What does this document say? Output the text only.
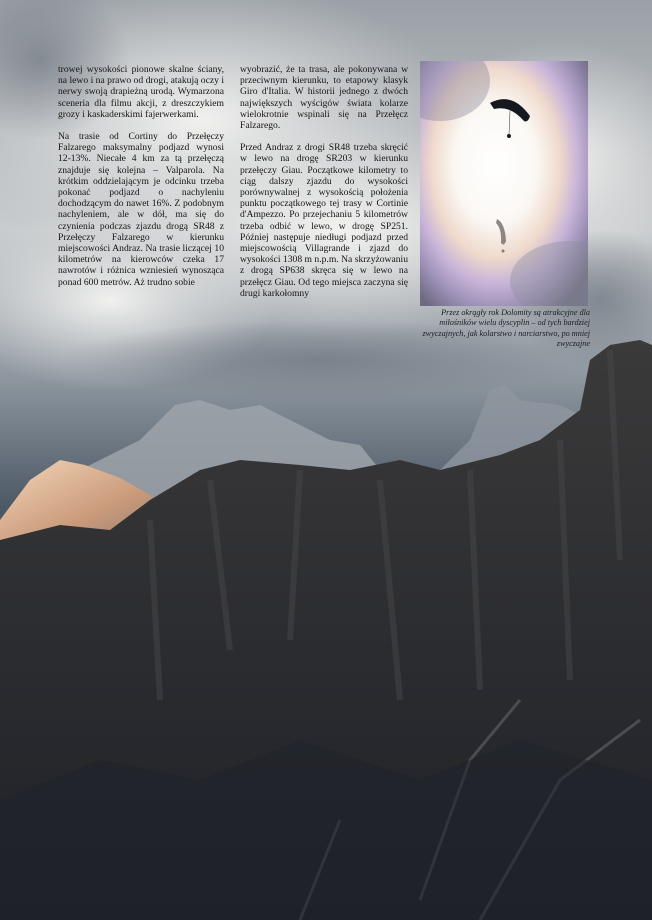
trowej wysokości pionowe skalne ściany, na lewo i na prawo od drogi, atakują oczy i nerwy swoją drapieżną urodą. Wymarzona sceneria dla filmu akcji, z dreszczykiem grozy i kaskaderskimi fajerwerkami.

Na trasie od Cortiny do Przełęczy Falzarego maksymalny podjazd wynosi 12-13%. Niecałe 4 km za tą przełęczą znajduje się kolejna – Valparola. Na krótkim oddzielającym je odcinku trzeba pokonać podjazd o nachyleniu dochodzącym do nawet 16%. Z podobnym nachyleniem, ale w dół, ma się do czynienia podczas zjazdu drogą SR48 z Przełęczy Falzarego w kierunku miejscowości Andraz. Na trasie liczącej 10 kilometrów na kierowców czeka 17 nawrotów i różnica wzniesień wynosząca ponad 600 metrów. Aż trudno sobie

wyobrazić, że ta trasa, ale pokonywana w przeciwnym kierunku, to etapowy klasyk Giro d'Italia. W historii jednego z dwóch największych wyścigów świata kolarze wielokrotnie wspinali się na Przełęcz Falzarego.

Przed Andraz z drogi SR48 trzeba skręcić w lewo na drogę SR203 w kierunku przełęczy Giau. Początkowe kilometry to ciąg dalszy zjazdu do wysokości porównywalnej z wysokością położenia punktu początkowego tej trasy w Cortinie d'Ampezzo. Po przejechaniu 5 kilometrów trzeba odbić w lewo, w drogę SP251. Później następuje niedługi podjazd przed miejscowością Villagrande i zjazd do wysokości 1308 m n.p.m. Na skrzyżowaniu z drogą SP638 skręca się w lewo na przełęcz Giau. Od tego miejsca zaczyna się drugi karkołomny

Przez okrągły rok Dolomity są atrakcyjne dla miłośników wielu dyscyplin – od tych bardziej zwyczajnych, jak kolarstwo i narciarstwo, po mniej zwyczajne
